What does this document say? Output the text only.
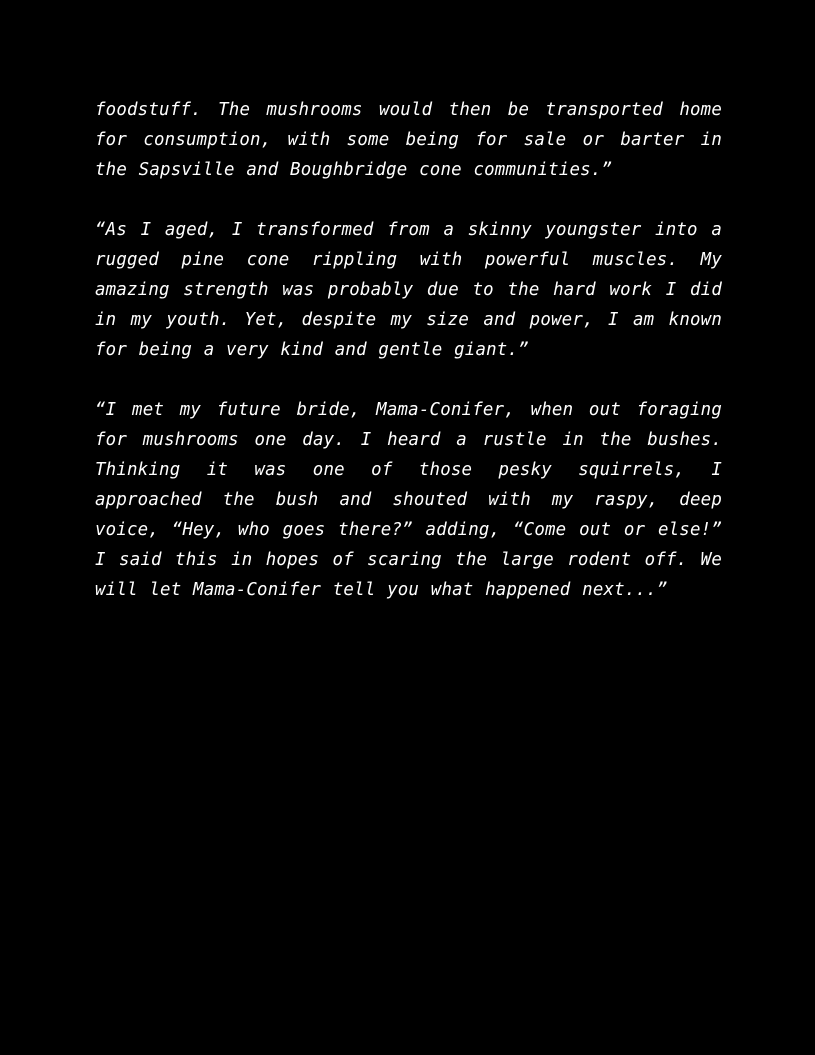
foodstuff. The mushrooms would then be transported home for consumption, with some being for sale or barter in the Sapsville and Boughbridge cone communities.”

“As I aged, I transformed from a skinny youngster into a rugged pine cone rippling with powerful muscles. My amazing strength was probably due to the hard work I did in my youth. Yet, despite my size and power, I am known for being a very kind and gentle giant.”

“I met my future bride, Mama-Conifer, when out foraging for mushrooms one day. I heard a rustle in the bushes. Thinking it was one of those pesky squirrels, I approached the bush and shouted with my raspy, deep voice, “Hey, who goes there?” adding, “Come out or else!” I said this in hopes of scaring the large rodent off. We will let Mama-Conifer tell you what happened next...”
